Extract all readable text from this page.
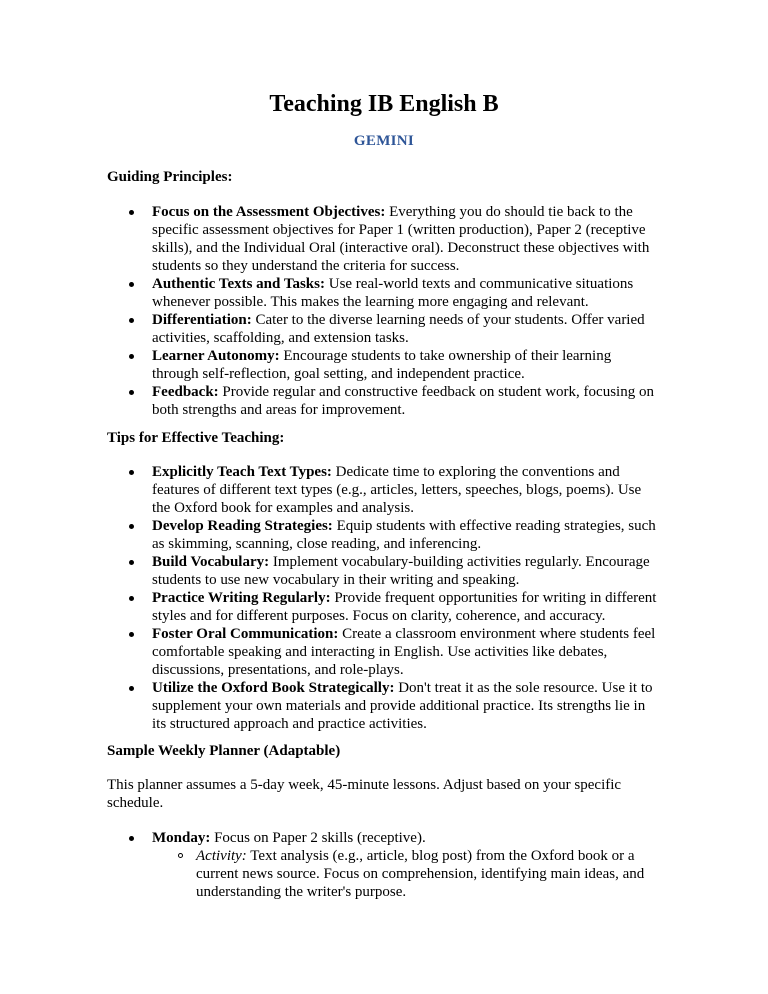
Teaching IB English B
GEMINI

Guiding Principles:

Focus on the Assessment Objectives: Everything you do should tie back to the specific assessment objectives for Paper 1 (written production), Paper 2 (receptive skills), and the Individual Oral (interactive oral). Deconstruct these objectives with students so they understand the criteria for success.
Authentic Texts and Tasks: Use real-world texts and communicative situations whenever possible. This makes the learning more engaging and relevant.
Differentiation: Cater to the diverse learning needs of your students. Offer varied activities, scaffolding, and extension tasks.
Learner Autonomy: Encourage students to take ownership of their learning through self-reflection, goal setting, and independent practice.
Feedback: Provide regular and constructive feedback on student work, focusing on both strengths and areas for improvement.

Tips for Effective Teaching:

Explicitly Teach Text Types: Dedicate time to exploring the conventions and features of different text types (e.g., articles, letters, speeches, blogs, poems). Use the Oxford book for examples and analysis.
Develop Reading Strategies: Equip students with effective reading strategies, such as skimming, scanning, close reading, and inferencing.
Build Vocabulary: Implement vocabulary-building activities regularly. Encourage students to use new vocabulary in their writing and speaking.
Practice Writing Regularly: Provide frequent opportunities for writing in different styles and for different purposes. Focus on clarity, coherence, and accuracy.
Foster Oral Communication: Create a classroom environment where students feel comfortable speaking and interacting in English. Use activities like debates, discussions, presentations, and role-plays.
Utilize the Oxford Book Strategically: Don't treat it as the sole resource. Use it to supplement your own materials and provide additional practice. Its strengths lie in its structured approach and practice activities.

Sample Weekly Planner (Adaptable)

This planner assumes a 5-day week, 45-minute lessons. Adjust based on your specific schedule.

Monday: Focus on Paper 2 skills (receptive).
Activity: Text analysis (e.g., article, blog post) from the Oxford book or a current news source. Focus on comprehension, identifying main ideas, and understanding the writer's purpose.
